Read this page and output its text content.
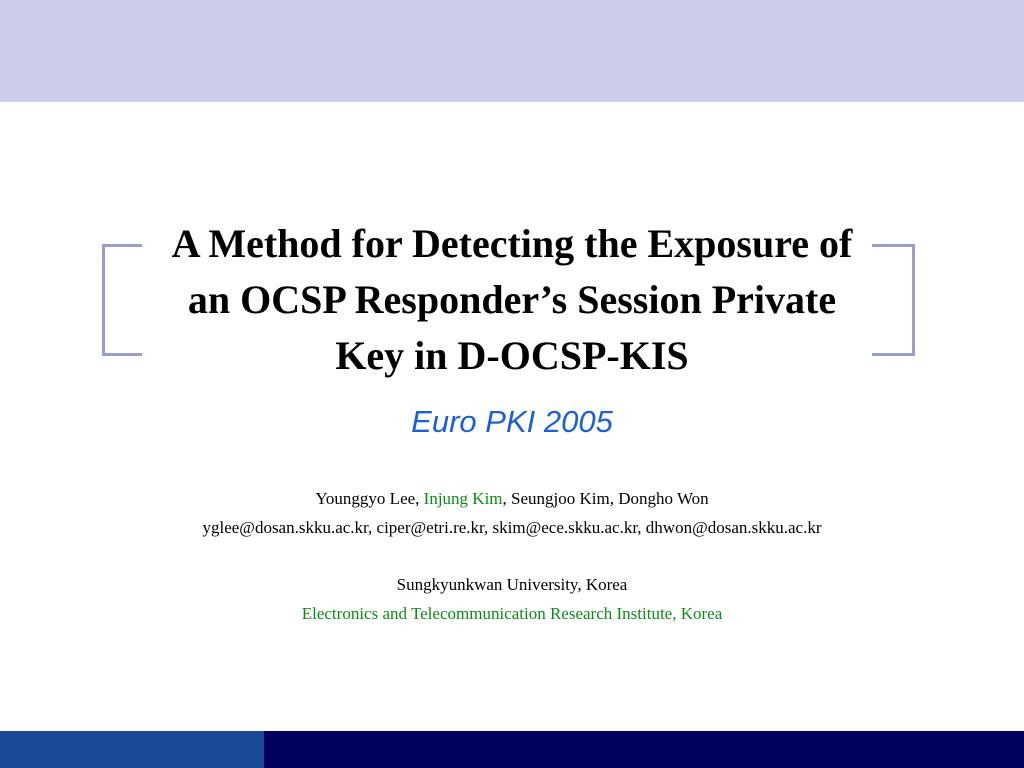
A Method for Detecting the Exposure of
an OCSP Responder’s Session Private
Key in D-OCSP-KIS
Euro PKI 2005
Younggyo Lee, Injung Kim, Seungjoo Kim, Dongho Won
yglee@dosan.skku.ac.kr, ciper@etri.re.kr, skim@ece.skku.ac.kr, dhwon@dosan.skku.ac.kr
Sungkyunkwan University, Korea
Electronics and Telecommunication Research Institute, Korea
